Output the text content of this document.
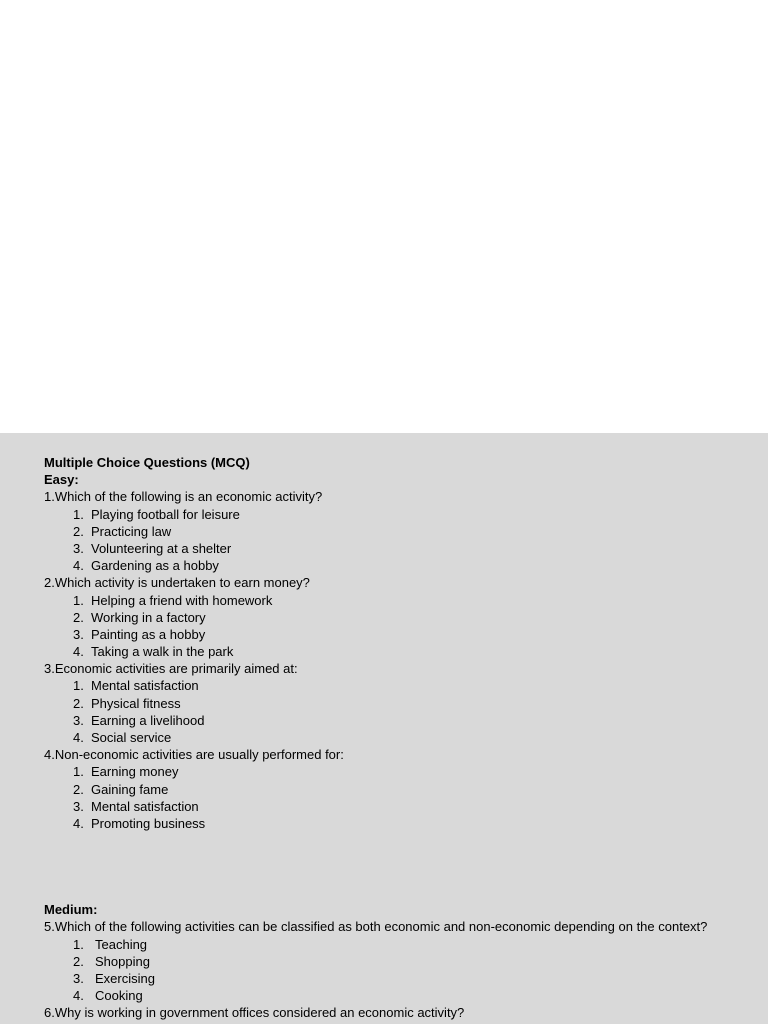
Multiple Choice Questions (MCQ)
Easy:
1.Which of the following is an economic activity?
1. Playing football for leisure
2. Practicing law
3. Volunteering at a shelter
4. Gardening as a hobby
2.Which activity is undertaken to earn money?
1. Helping a friend with homework
2. Working in a factory
3. Painting as a hobby
4. Taking a walk in the park
3.Economic activities are primarily aimed at:
1. Mental satisfaction
2. Physical fitness
3. Earning a livelihood
4. Social service
4.Non-economic activities are usually performed for:
1. Earning money
2. Gaining fame
3. Mental satisfaction
4. Promoting business
Medium:
5.Which of the following activities can be classified as both economic and non-economic depending on the context?
1. Teaching
2. Shopping
3. Exercising
4. Cooking
6.Why is working in government offices considered an economic activity?
